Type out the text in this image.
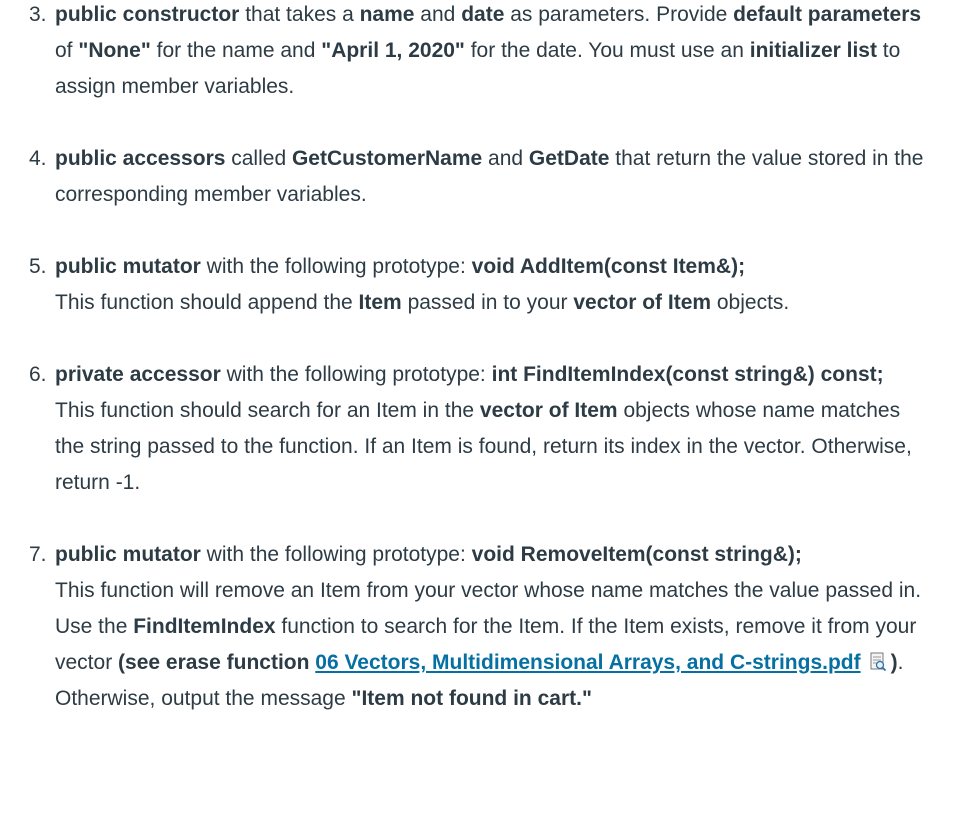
3. public constructor that takes a name and date as parameters. Provide default parameters of "None" for the name and "April 1, 2020" for the date. You must use an initializer list to assign member variables.
4. public accessors called GetCustomerName and GetDate that return the value stored in the corresponding member variables.
5. public mutator with the following prototype: void AddItem(const Item&);
This function should append the Item passed in to your vector of Item objects.
6. private accessor with the following prototype: int FindItemIndex(const string&) const;
This function should search for an Item in the vector of Item objects whose name matches the string passed to the function. If an Item is found, return its index in the vector. Otherwise, return -1.
7. public mutator with the following prototype: void RemoveItem(const string&);
This function will remove an Item from your vector whose name matches the value passed in. Use the FindItemIndex function to search for the Item. If the Item exists, remove it from your vector (see erase function 06 Vectors, Multidimensional Arrays, and C-strings.pdf ). Otherwise, output the message "Item not found in cart."
